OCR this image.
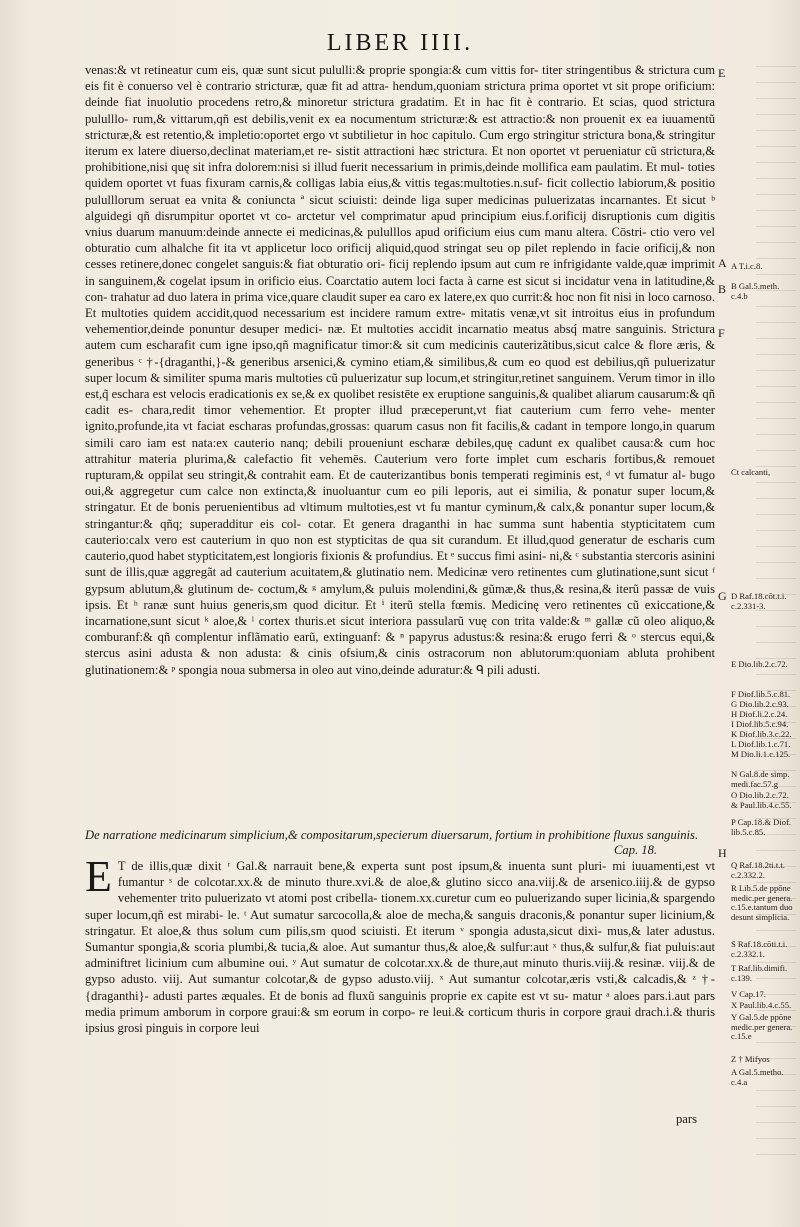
LIBER IIII.

venas:& vt retineatur cum eis, quæ sunt sicut pululli:& proprie spongia:& cum vittis for- titer stringentibus & strictura cum eis fit è conuerso vel è contrario stricturæ, quæ fit ad attra- hendum,quoniam strictura prima oportet vt sit prope orificium: deinde fiat inuolutio procedens retro,& minoretur strictura gradatim. Et in hac fit è contrario. Et scias, quod strictura pululllo- rum,& vittarum,qñ est debilis,venit ex ea nocumentum stricturæ:& est attractio:& non prouenit ex ea iuuamentũ stricturæ,& est retentio,& impletio:oportet ergo vt subtilietur in hoc capitulo. Cum ergo stringitur strictura bona,& stringitur iterum ex latere diuerso,declinat materiam,et re- sistit attractioni hæc strictura. Et non oportet vt perueniatur cũ strictura,& prohibitione,nisi quę sit infra dolorem:nisi si illud fuerit necessarium in primis,deinde mollifica eam paulatim. Et mul- toties quidem oportet vt fuas fixuram carnis,& colligas labia eius,& vittis tegas:multoties.n.suf- ficit collectio labiorum,& positio pululllorum seruat ea vnita & coniuncta ª sicut sciuisti: deinde liga super medicinas puluerizatas incarnantes. Et sicut ᵇ alguidegi qñ disrumpitur oportet vt co- arctetur vel comprimatur apud principium eius.f.orificij disruptionis cum digitis vnius duarum manuum:deinde annecte ei medicinas,& pululllos apud orificium eius cum manu altera. Cōstri- ctio vero vel obturatio cum alhalche fit ita vt applicetur loco orificij aliquid,quod stringat seu op pilet replendo in facie orificij,& non cesses retinere,donec congelet sanguis:& fiat obturatio ori- ficij replendo ipsum aut cum re infrigidante valde,quæ imprimit in sanguinem,& cogelat ipsum in orificio eius. Coarctatio autem loci facta à carne est sicut si incidatur vena in latitudine,& con- trahatur ad duo latera in prima vice,quare claudit super ea caro ex latere,ex quo currit:& hoc non fit nisi in loco carnoso. Et multoties quidem accidit,quod necessarium est incidere ramum extre- mitatis venæ,vt sit introitus eius in profundum vehementior,deinde ponuntur desuper medici- næ. Et multoties accidit incarnatio meatus absq́ matre sanguinis. Strictura autem cum escharafit cum igne ipso,qñ magnificatur timor:& sit cum medicinis cauterizãtibus,sicut calce & flore æris, & generibus ᶜ †-{draganthi,}-& generibus arsenici,& cymino etiam,& similibus,& cum eo quod est debilius,qñ puluerizatur super locum & similiter spuma maris multoties cũ puluerizatur sup locum,et stringitur,retinet sanguinem. Verum timor in illo est,q̃ eschara est velocis eradicationis ex se,& ex quolibet resistēte ex eruptione sanguinis,& qualibet aliarum causarum:& qñ cadit es- chara,redit timor vehementior. Et propter illud præceperunt,vt fiat cauterium cum ferro vehe- menter ignito,profunde,ita vt faciat escharas profundas,grossas: quarum casus non fit facilis,& cadant in tempore longo,in quarum simili caro iam est nata:ex cauterio nanq; debili proueniunt escharæ debiles,quę cadunt ex qualibet causa:& cum hoc attrahitur materia plurima,& calefactio fit vehemēs. Cauterium vero forte implet cum escharis fortibus,& remouet rupturam,& oppilat seu stringit,& contrahit eam. Et de cauterizantibus bonis temperati regiminis est, ᵈ vt fumatur al- bugo oui,& aggregetur cum calce non extincta,& inuoluantur cum eo pili leporis, aut ei similia, & ponatur super locum,& stringatur. Et de bonis peruenientibus ad vltimum multoties,est vt fu mantur cyminum,& calx,& ponantur super locum,& stringantur:& qñq; superadditur eis col- cotar. Et genera draganthi in hac summa sunt habentia stypticitatem cum cauterio:calx vero est cauterium in quo non est stypticitas de qua sit curandum. Et illud,quod generatur de escharis cum cauterio,quod habet stypticitatem,est longioris fixionis & profundius. Et ᵉ succus fimi asini- ni,& ᶜ substantia stercoris asinini sunt de illis,quæ aggregãt ad cauterium acuitatem,& glutinatio nem. Medicinæ vero retinentes cum glutinatione,sunt sicut ᶠ gypsum ablutum,& glutinum de- coctum,& ᵍ amylum,& puluis molendini,& gũmæ,& thus,& resina,& iterũ passæ de vuis ipsis. Et ʰ ranæ sunt huius generis,sm quod dicitur. Et ⁱ iterũ stella fœmis. Medicinę vero retinentes cũ exiccatione,& incarnatione,sunt sicut ᵏ aloe,& ˡ cortex thuris.et sicut interiora passularũ vuę con trita valde:& ᵐ gallæ cũ oleo aliquo,& comburanf:& qñ complentur inflãmatio earũ, extinguanf: & ⁿ papyrus adustus:& resina:& erugo ferri & ᵒ stercus equi,& stercus asini adusta & non adusta: & cinis ofsium,& cinis ostracorum non ablutorum:quoniam abluta prohibent glutinationem:& ᵖ spongia noua submersa in oleo aut vino,deinde aduratur:& ᑫ pili adusti.

De narratione medicinarum simplicium,& compositarum,specierum diuersarum, fortium in prohibitione fluxus sanguinis.
Cap. 18.
E T de illis,quæ dixit ʳ Gal.& narrauit bene,& experta sunt post ipsum,& inuenta sunt pluri- mi iuuamenti,est vt fumantur ˢ de colcotar.xx.& de minuto thure.xvi.& de aloe,& glutino sicco ana.viij.& de arsenico.iiij.& de gypso vehementer trito puluerizato vt atomi post cribella- tionem.xx.curetur cum eo puluerizando super licinia,& spargendo super locum,qñ est mirabi- le. ᵗ Aut sumatur sarcocolla,& aloe de mecha,& sanguis draconis,& ponantur super licinium,& stringatur. Et aloe,& thus solum cum pilis,sm quod sciuisti. Et iterum ᵛ spongia adusta,sicut dixi- mus,& later adustus. Sumantur spongia,& scoria plumbi,& tucia,& aloe. Aut sumantur thus,& aloe,& sulfur:aut ˣ thus,& sulfur,& fiat puluis:aut adminiftret licinium cum albumine oui. ʸ Aut sumatur de colcotar.xx.& de thure,aut minuto thuris.viij.& resinæ. viij.& de gypso adusto. viij. Aut sumantur colcotar,& de gypso adusto.viij. ˣ Aut sumantur colcotar,æris vsti,& calcadis,& ᶻ †-{draganthi}- adusti partes æquales. Et de bonis ad fluxũ sanguinis proprie ex capite est vt su- matur ᵃ aloes pars.i.aut pars media primum amborum in corpore graui:& sm eorum in corpo- re leui.& corticum thuris in corpore graui drach.i.& thuris ipsius grosi pinguis in corpore leui
pars
E
A
B
F
G
H
A T.i.c.8.
B Gal.5.meth. c.4.b
Ct calcanti,
D Raf.18.cōt.t.i. c.2.331-3.
E Dio.lib.2.c.72.
F Diof.lib.5.c.81.
G Dio.lib.2.c.93.
H Diof.li.2.c.24.
I Diof.lib.5.c.94.
K Diof.lib.3.c.22.
L Diof.lib.1.c.71.
M Dio.li.1.c.125.
N Gal.8.de simp. medi.fac.57.g
O Dio.lib.2.c.72.
& Paul.lib.4.c.55.
P Cap.18.& Diof. lib.5.c.85.
Q Raf.18.2ti.t.t. c.2.332.2.
R Lib.5.de ppōne medic.per genera. c.15.e.tantum duo desunt simplicia.
S Raf.18.cōti.t.i. c.2.332.1.
T Raf.lib.dimifi. c.139.
V Cap.17.
X Paul.lib.4.c.55.
Y Gal.5.de ppōne medic.per genera. c.15.e
Z † Mifyos
A Gal.5.metho. c.4.a
